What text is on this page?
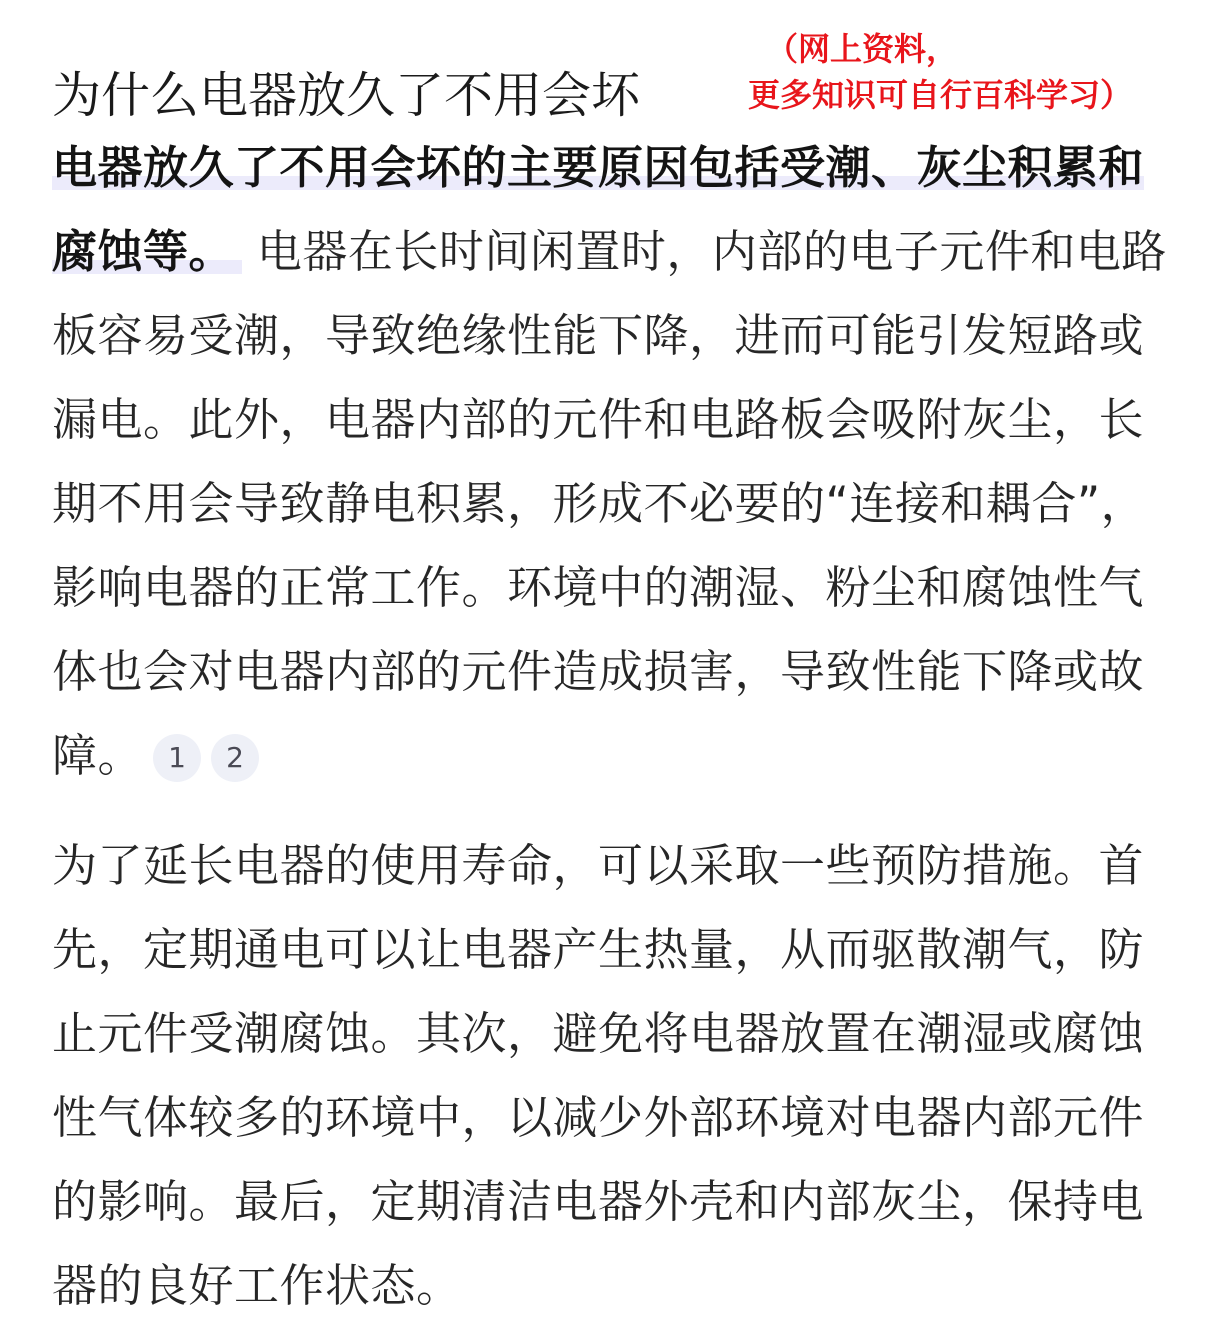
为什么电器放久了不用会坏
（网上资料，
更多知识可自行百科学习）

电器放久了不用会坏的主要原因包括受潮、灰尘积累和腐蚀等。 电器在长时间闲置时，内部的电子元件和电路板容易受潮，导致绝缘性能下降，进而可能引发短路或漏电。此外，电器内部的元件和电路板会吸附灰尘，长期不用会导致静电积累，形成不必要的“连接和耦合”，影响电器的正常工作。环境中的潮湿、粉尘和腐蚀性气体也会对电器内部的元件造成损害，导致性能下降或故障。 1 2

为了延长电器的使用寿命，可以采取一些预防措施。首先，定期通电可以让电器产生热量，从而驱散潮气，防止元件受潮腐蚀。其次，避免将电器放置在潮湿或腐蚀性气体较多的环境中，以减少外部环境对电器内部元件的影响。最后，定期清洁电器外壳和内部灰尘，保持电器的良好工作状态。
